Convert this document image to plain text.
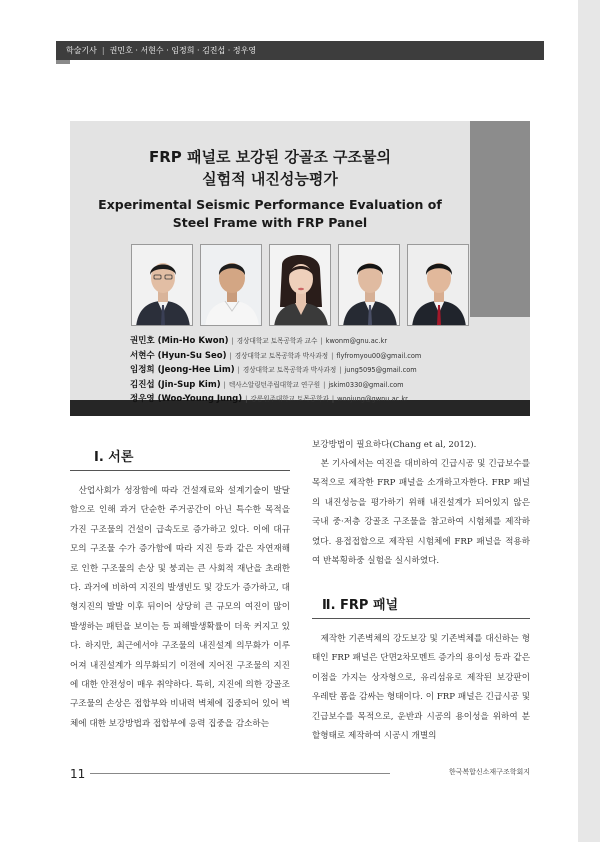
학술기사 | 권민호 · 서현수 · 임정희 · 김진섭 · 정우영
FRP 패널로 보강된 강골조 구조물의
실험적 내진성능평가
Experimental Seismic Performance Evaluation of
Steel Frame with FRP Panel
권민호 (Min-Ho Kwon) | 경상대학교 토목공학과 교수 | kwonm@gnu.ac.kr
서현수 (Hyun-Su Seo) | 경상대학교 토목공학과 박사과정 | flyfromyou00@gmail.com
임정희 (Jeong-Hee Lim) | 경상대학교 토목공학과 박사과정 | jung5095@gmail.com
김진섭 (Jin-Sup Kim) | 텍사스알링턴주립대학교 연구원 | jskim0330@gmail.com
정우영 (Woo-Young Jung) | 강릉원주대학교 토목공학과 | woojung@gwnu.ac.kr
Ⅰ. 서론
산업사회가 성장함에 따라 건설재료와 설계기술이 발달함으로 인해 과거 단순한 주거공간이 아닌 특수한 목적을 가진 구조물의 건설이 급속도로 증가하고 있다. 이에 대규모의 구조물 수가 증가함에 따라 지진 등과 같은 자연재해로 인한 구조물의 손상 및 붕괴는 큰 사회적 재난을 초래한다. 과거에 비하여 지진의 발생빈도 및 강도가 증가하고, 대형지진의 발발 이후 뒤이어 상당히 큰 규모의 여진이 많이 발생하는 패턴을 보이는 등 피해발생확률이 더욱 커지고 있다. 하지만, 최근에서야 구조물의 내진설계 의무화가 이루어져 내진설계가 의무화되기 이전에 지어진 구조물의 지진에 대한 안전성이 매우 취약하다. 특히, 지진에 의한 강골조 구조물의 손상은 접합부와 비내력 벽체에 집중되어 있어 벽체에 대한 보강방법과 접합부에 응력 집중을 감소하는
보강방법이 필요하다(Chang et al, 2012).
본 기사에서는 여진을 대비하여 긴급시공 및 긴급보수를 목적으로 제작한 FRP 패널을 소개하고자한다. FRP 패널의 내진성능을 평가하기 위해 내진설계가 되어있지 않은 국내 중·저층 강골조 구조물을 참고하여 시험체를 제작하였다. 용접접합으로 제작된 시험체에 FRP 패널을 적용하여 반복횡하중 실험을 실시하였다.
Ⅱ. FRP 패널
제작한 기존벽체의 강도보강 및 기존벽체를 대신하는 형태인 FRP 패널은 단면2차모멘트 증가의 용이성 등과 같은 이점을 가지는 상자형으로, 유리섬유로 제작된 보강판이 우레탄 폼을 감싸는 형태이다. 이 FRP 패널은 긴급시공 및 긴급보수를 목적으로, 운반과 시공의 용이성을 위하여 분할형태로 제작하여 시공시 개별의
11	한국복합신소재구조학회지
